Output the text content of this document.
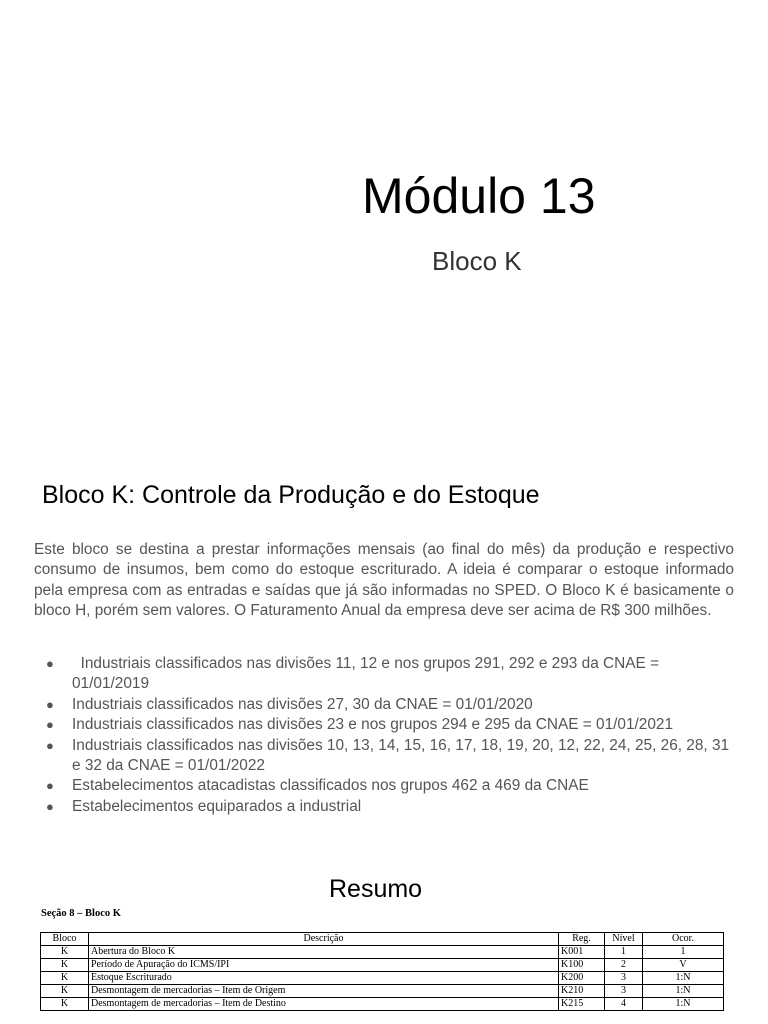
Módulo 13
Bloco K
Bloco K: Controle da Produção e do Estoque

Este bloco se destina a prestar informações mensais (ao final do mês) da produção e respectivo consumo de insumos, bem como do estoque escriturado. A ideia é comparar o estoque informado pela empresa com as entradas e saídas que já são informadas no SPED. O Bloco K é basicamente o bloco H, porém sem valores. O Faturamento Anual da empresa deve ser acima de R$ 300 milhões.

● Industriais classificados nas divisões 11, 12 e nos grupos 291, 292 e 293 da CNAE = 01/01/2019
● Industriais classificados nas divisões 27, 30 da CNAE = 01/01/2020
● Industriais classificados nas divisões 23 e nos grupos 294 e 295 da CNAE = 01/01/2021
● Industriais classificados nas divisões 10, 13, 14, 15, 16, 17, 18, 19, 20, 12, 22, 24, 25, 26, 28, 31 e 32 da CNAE = 01/01/2022
● Estabelecimentos atacadistas classificados nos grupos 462 a 469 da CNAE
● Estabelecimentos equiparados a industrial
Resumo
Seção 8 – Bloco K
Bloco	Descrição	Reg.	Nível	Ocor.
K	Abertura do Bloco K	K001	1	1
K	Período de Apuração do ICMS/IPI	K100	2	V
K	Estoque Escriturado	K200	3	1:N
K	Desmontagem de mercadorias – Item de Origem	K210	3	1:N
K	Desmontagem de mercadorias – Item de Destino	K215	4	1:N
